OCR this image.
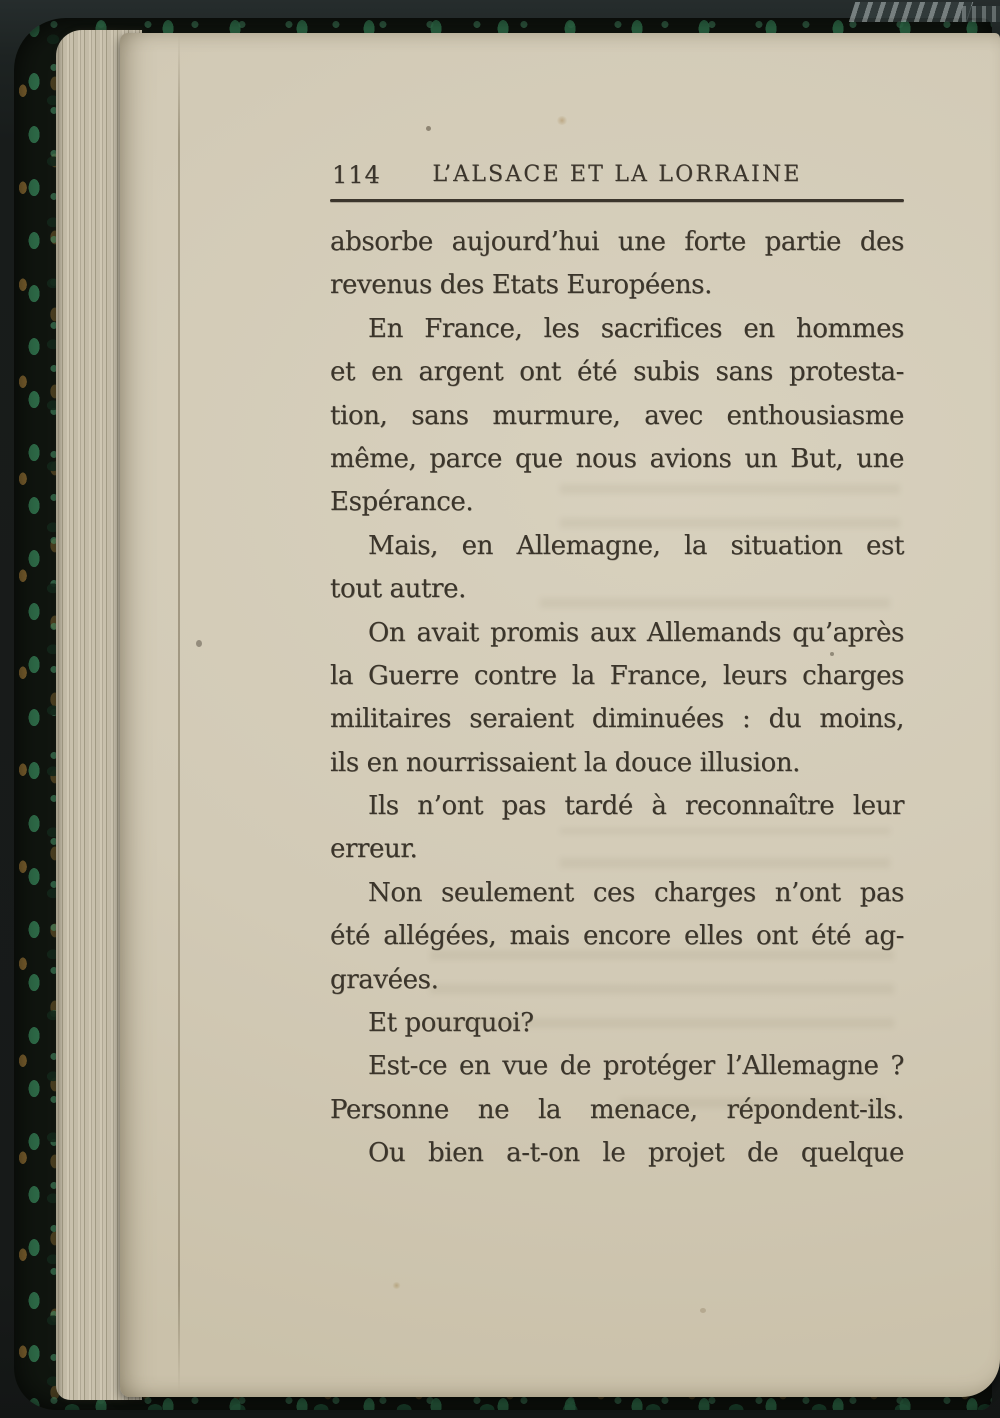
114	L’ALSACE ET LA LORRAINE
absorbe aujourd’hui une forte partie des
revenus des Etats Européens.
En France, les sacrifices en hommes
et en argent ont été subis sans protesta-
tion, sans murmure, avec enthousiasme
même, parce que nous avions un But, une
Espérance.
Mais, en Allemagne, la situation est
tout autre.
On avait promis aux Allemands qu’après
la Guerre contre la France, leurs charges
militaires seraient diminuées : du moins,
ils en nourrissaient la douce illusion.
Ils n’ont pas tardé à reconnaître leur
erreur.
Non seulement ces charges n’ont pas
été allégées, mais encore elles ont été ag-
gravées.
Et pourquoi?
Est-ce en vue de protéger l’Allemagne ?
Personne ne la menace, répondent-ils.
Ou bien a-t-on le projet de quelque
